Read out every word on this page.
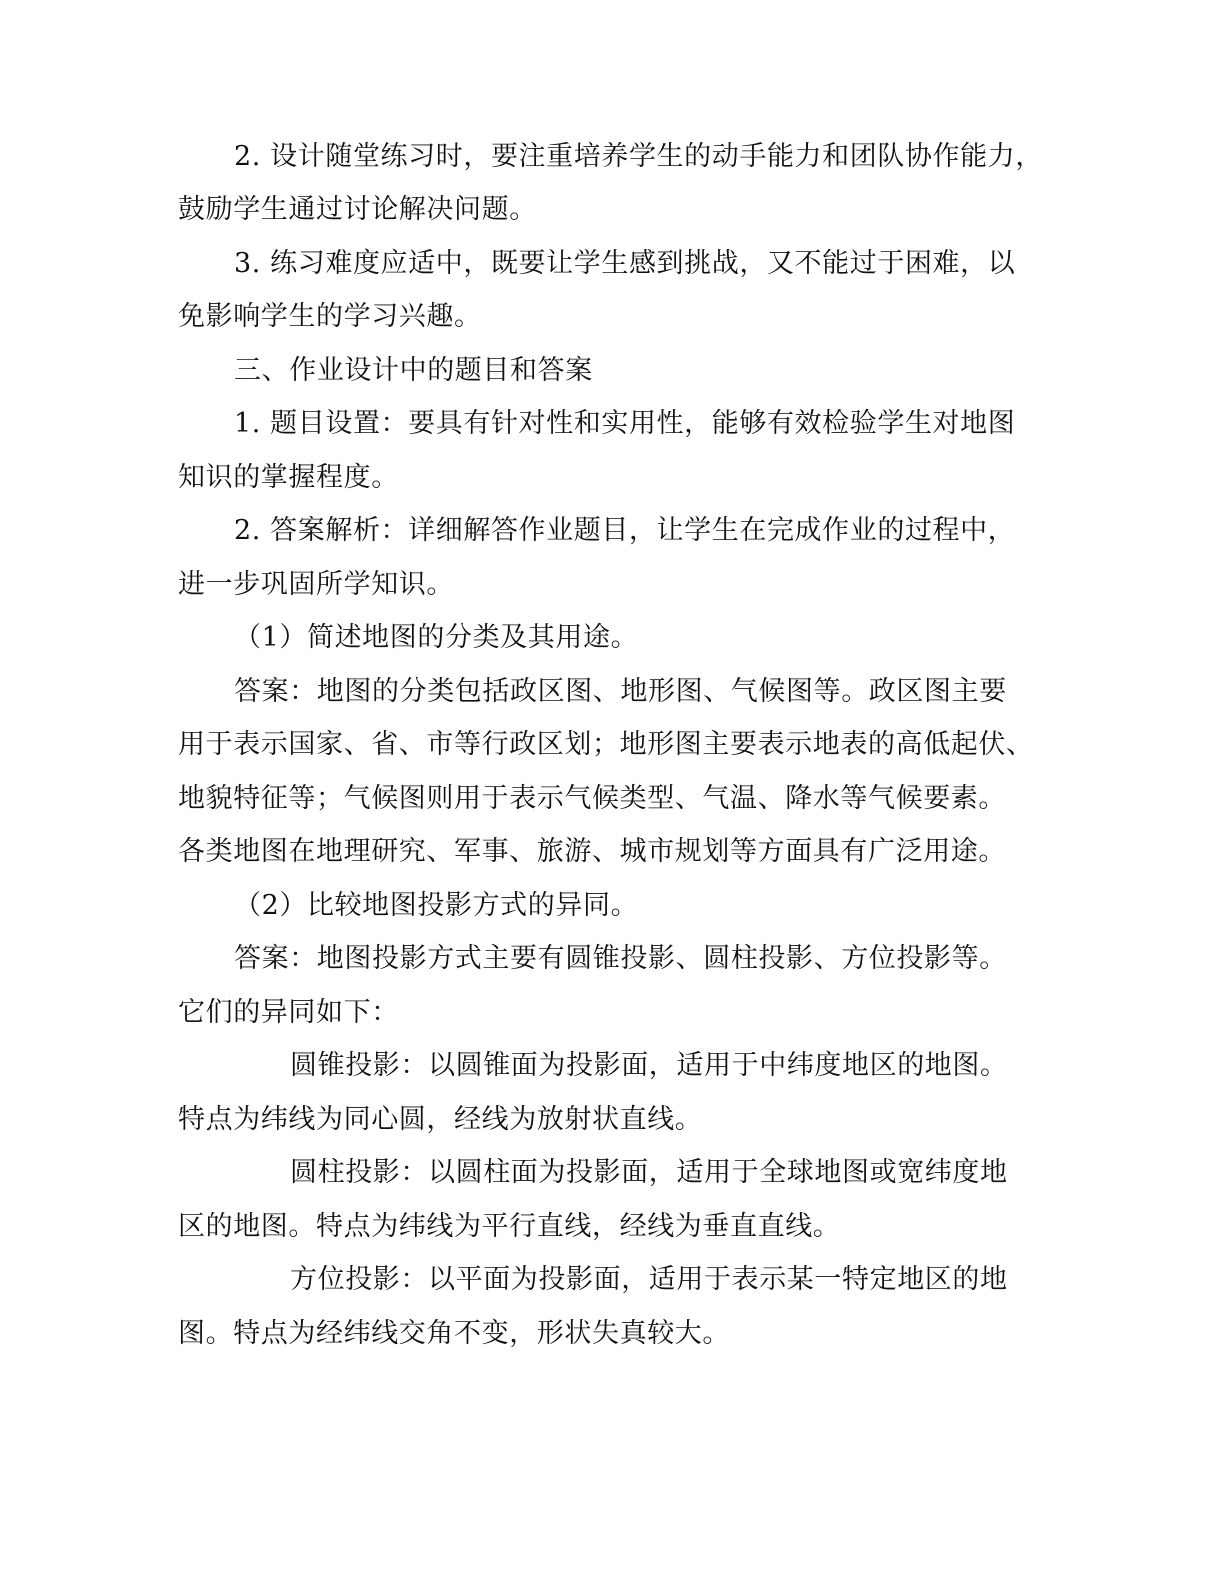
2. 设计随堂练习时，要注重培养学生的动手能力和团队协作能力，
鼓励学生通过讨论解决问题。
3. 练习难度应适中，既要让学生感到挑战，又不能过于困难，以
免影响学生的学习兴趣。
三、作业设计中的题目和答案
1. 题目设置：要具有针对性和实用性，能够有效检验学生对地图
知识的掌握程度。
2. 答案解析：详细解答作业题目，让学生在完成作业的过程中，
进一步巩固所学知识。
（1）简述地图的分类及其用途。
答案：地图的分类包括政区图、地形图、气候图等。政区图主要
用于表示国家、省、市等行政区划；地形图主要表示地表的高低起伏、
地貌特征等；气候图则用于表示气候类型、气温、降水等气候要素。
各类地图在地理研究、军事、旅游、城市规划等方面具有广泛用途。
（2）比较地图投影方式的异同。
答案：地图投影方式主要有圆锥投影、圆柱投影、方位投影等。
它们的异同如下：
圆锥投影：以圆锥面为投影面，适用于中纬度地区的地图。
特点为纬线为同心圆，经线为放射状直线。
圆柱投影：以圆柱面为投影面，适用于全球地图或宽纬度地
区的地图。特点为纬线为平行直线，经线为垂直直线。
方位投影：以平面为投影面，适用于表示某一特定地区的地
图。特点为经纬线交角不变，形状失真较大。
